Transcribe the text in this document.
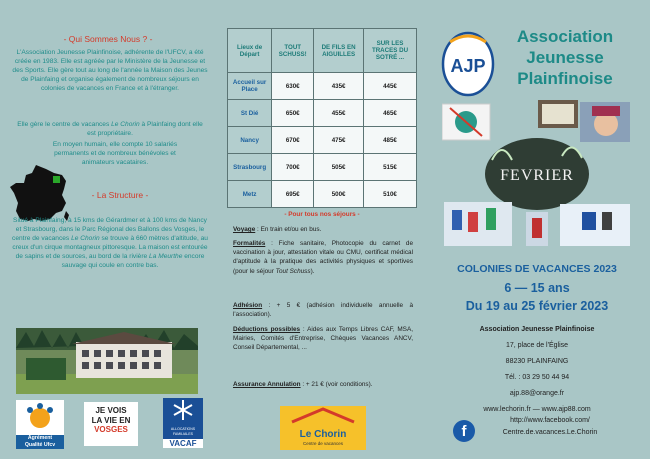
- Qui Sommes Nous ? -
L'Association Jeunesse Plainfinoise, adhérente de l'UFCV, a été créée en 1983. Elle est agréée par le Ministère de la Jeunesse et des Sports. Elle gère tout au long de l'année la Maison des Jeunes de Plainfaing et organise également de nombreux séjours en colonies de vacances en France et à l'étranger.
Elle gère le centre de vacances Le Chorin à Plainfaing dont elle est propriétaire.
En moyen humain, elle compte 10 salariés permanents et de nombreux bénévoles et animateurs vacataires.
- La Structure -
Situé à Plainfaing, à 15 kms de Gérardmer et à 100 kms de Nancy et Strasbourg, dans le Parc Régional des Ballons des Vosges, le centre de vacances Le Chorin se trouve à 660 mètres d'altitude, au creux d'un cirque montagneux pittoresque. La maison est entourée de sapins et de sources, au bord de la rivière La Meurthe encore sauvage qui coule en contre bas.
Agrément
Qualité Ufcv
JE VOIS
LA VIE EN
VOSGES	ALLOCATIONS FAMILIALES
VACAF
Lieux de Départ	TOUT SCHUSS!	DE FILS EN AIGUILLES	SUR LES TRACES DU SOTRÉ ...
Accueil sur Place	630€	435€	445€
St Dié	650€	455€	465€
Nancy	670€	475€	485€
Strasbourg	700€	505€	515€
Metz	695€	500€	510€
- Pour tous nos séjours -
Voyage : En train et/ou en bus.
Formalités : Fiche sanitaire, Photocopie du carnet de vaccination à jour, attestation vitale ou CMU, certificat médical d'aptitude à la pratique des activités physiques et sportives (pour le séjour Tout Schuss).
Adhésion : + 5 € (adhésion individuelle annuelle à l'association).
Déductions possibles : Aides aux Temps Libres CAF, MSA, Mairies, Comités d'Entreprise, Chèques Vacances ANCV, Conseil Départemental, ...
Assurance Annulation : + 21 € (voir conditions).
Le Chorin
Centre de vacances
AJP
Association
Jeunesse
Plainfinoise
FEVRIER
COLONIES DE VACANCES 2023
6 — 15 ans
Du 19 au 25 février 2023
Association Jeunesse Plainfinoise
17, place de l'Église
88230 PLAINFAING
Tél. : 03 29 50 44 94
ajp.88@orange.fr
www.lechorin.fr — www.ajp88.com
f
http://www.facebook.com/
Centre.de.vacances.Le.Chorin
